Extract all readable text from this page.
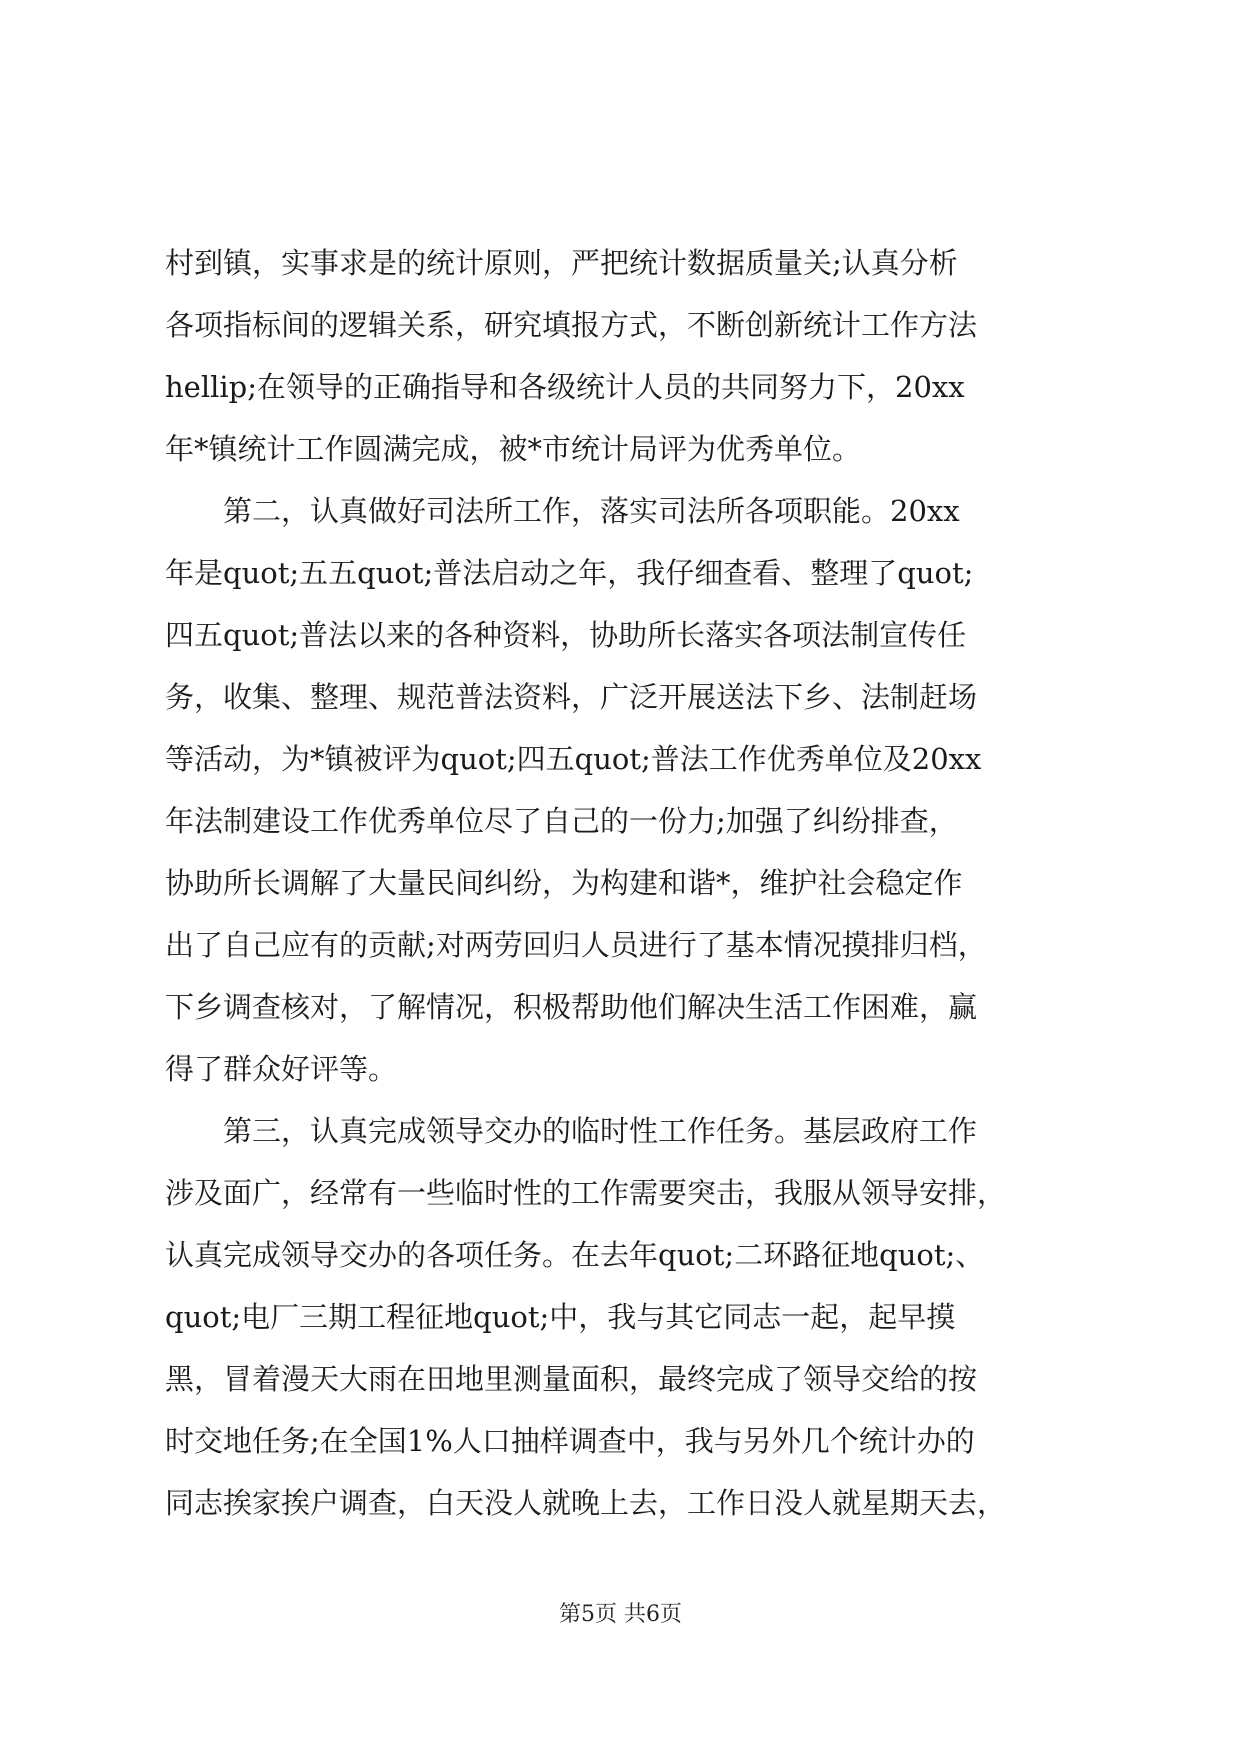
村到镇，实事求是的统计原则，严把统计数据质量关;认真分析
各项指标间的逻辑关系，研究填报方式，不断创新统计工作方法
hellip;在领导的正确指导和各级统计人员的共同努力下，20xx
年*镇统计工作圆满完成，被*市统计局评为优秀单位。
　　第二，认真做好司法所工作，落实司法所各项职能。20xx
年是quot;五五quot;普法启动之年，我仔细查看、整理了quot;
四五quot;普法以来的各种资料，协助所长落实各项法制宣传任
务，收集、整理、规范普法资料，广泛开展送法下乡、法制赶场
等活动，为*镇被评为quot;四五quot;普法工作优秀单位及20xx
年法制建设工作优秀单位尽了自己的一份力;加强了纠纷排查，
协助所长调解了大量民间纠纷，为构建和谐*，维护社会稳定作
出了自己应有的贡献;对两劳回归人员进行了基本情况摸排归档，
下乡调查核对，了解情况，积极帮助他们解决生活工作困难，赢
得了群众好评等。
　　第三，认真完成领导交办的临时性工作任务。基层政府工作
涉及面广，经常有一些临时性的工作需要突击，我服从领导安排，
认真完成领导交办的各项任务。在去年quot;二环路征地quot;、
quot;电厂三期工程征地quot;中，我与其它同志一起，起早摸
黑，冒着漫天大雨在田地里测量面积，最终完成了领导交给的按
时交地任务;在全国1%人口抽样调查中，我与另外几个统计办的
同志挨家挨户调查，白天没人就晚上去，工作日没人就星期天去，
第5页 共6页
